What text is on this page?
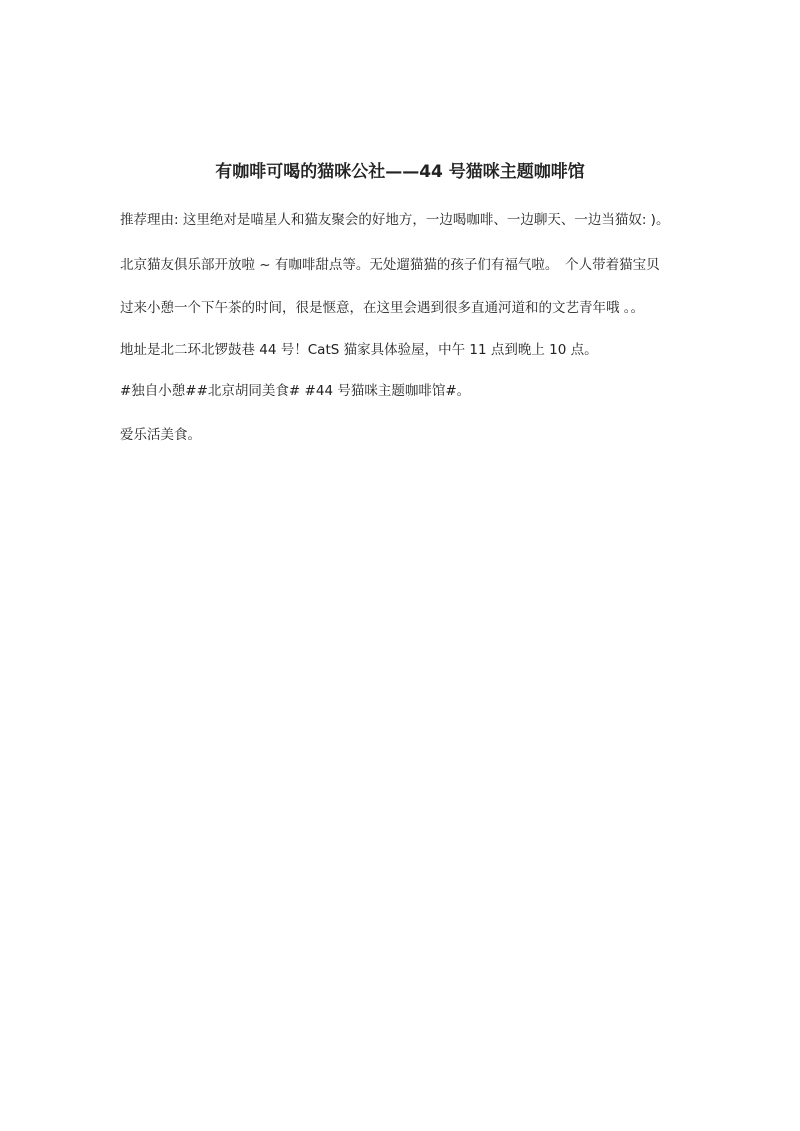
有咖啡可喝的猫咪公社——44 号猫咪主题咖啡馆

推荐理由: 这里绝对是喵星人和猫友聚会的好地方，一边喝咖啡、一边聊天、一边当猫奴: )。

北京猫友俱乐部开放啦 ~ 有咖啡甜点等。无处遛猫猫的孩子们有福气啦。　个人带着猫宝贝

过来小憩一个下午茶的时间，很是惬意，在这里会遇到很多直通河道和的文艺青年哦 。。

地址是北二环北锣鼓巷 44 号！CatS 猫家具体验屋，中午 11 点到晚上 10 点。

#独自小憩##北京胡同美食# #44 号猫咪主题咖啡馆#。

爱乐活美食。
